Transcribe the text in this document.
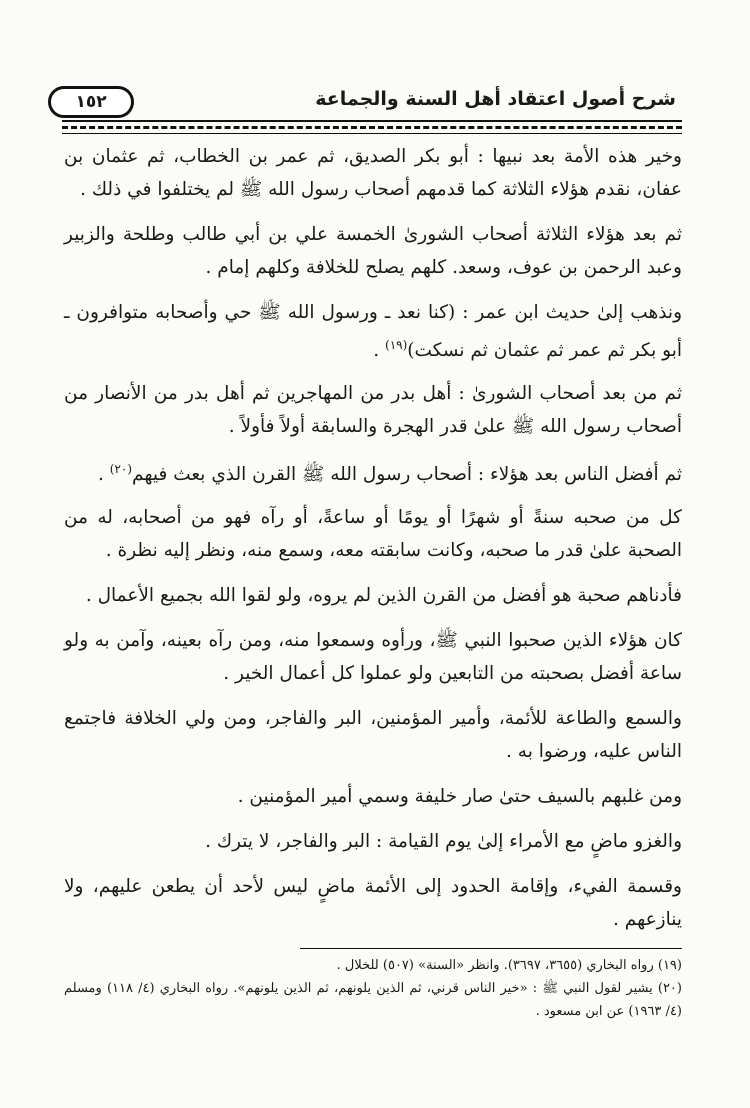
شرح أصول اعتقاد أهل السنة والجماعة
١٥٢

وخير هذه الأمة بعد نبيها : أبو بكر الصديق، ثم عمر بن الخطاب، ثم عثمان بن عفان، نقدم هؤلاء الثلاثة كما قدمهم أصحاب رسول الله ﷺ لم يختلفوا في ذلك .

ثم بعد هؤلاء الثلاثة أصحاب الشورىٰ الخمسة علي بن أبي طالب وطلحة والزبير وعبد الرحمن بن عوف، وسعد. كلهم يصلح للخلافة وكلهم إمام .

ونذهب إلىٰ حديث ابن عمر : (كنا نعد ـ ورسول الله ﷺ حي وأصحابه متوافرون ـ أبو بكر ثم عمر ثم عثمان ثم نسكت)$^{(١٩)}$ .

ثم من بعد أصحاب الشورىٰ : أهل بدر من المهاجرين ثم أهل بدر من الأنصار من أصحاب رسول الله ﷺ علىٰ قدر الهجرة والسابقة أولاً فأولاً .

ثم أفضل الناس بعد هؤلاء : أصحاب رسول الله ﷺ القرن الذي بعث فيهم$^{(٢٠)}$ .

كل من صحبه سنةً أو شهرًا أو يومًا أو ساعةً، أو رآه فهو من أصحابه، له من الصحبة علىٰ قدر ما صحبه، وكانت سابقته معه، وسمع منه، ونظر إليه نظرة .

فأدناهم صحبة هو أفضل من القرن الذين لم يروه، ولو لقوا الله بجميع الأعمال .

كان هؤلاء الذين صحبوا النبي ﷺ، ورأوه وسمعوا منه، ومن رآه بعينه، وآمن به ولو ساعة أفضل بصحبته من التابعين ولو عملوا كل أعمال الخير .

والسمع والطاعة للأئمة، وأمير المؤمنين، البر والفاجر، ومن ولي الخلافة فاجتمع الناس عليه، ورضوا به .

ومن غلبهم بالسيف حتىٰ صار خليفة وسمي أمير المؤمنين .

والغزو ماضٍ مع الأمراء إلىٰ يوم القيامة : البر والفاجر، لا يترك .

وقسمة الفيء، وإقامة الحدود إلى الأئمة ماضٍ ليس لأحد أن يطعن عليهم، ولا ينازعهم .

(١٩) رواه البخاري (٣٦٥٥، ٣٦٩٧). وانظر «السنة» (٥٠٧) للخلال .

(٢٠) يشير لقول النبي ﷺ : «خير الناس قرني، ثم الذين يلونهم، ثم الذين يلونهم». رواه البخاري (٤/ ١١٨) ومسلم (٤/ ١٩٦٣) عن ابن مسعود .
